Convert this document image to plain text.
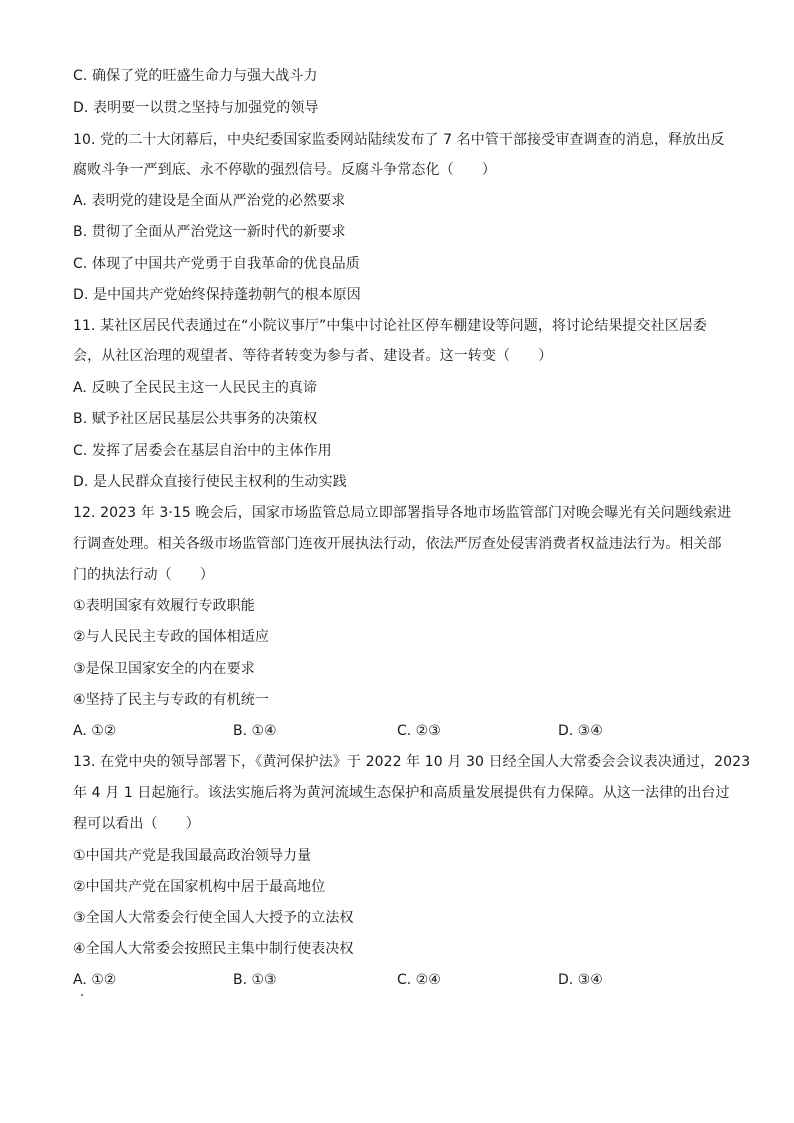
C. 确保了党的旺盛生命力与强大战斗力
D. 表明要一以贯之坚持与加强党的领导
10. 党的二十大闭幕后，中央纪委国家监委网站陆续发布了 7 名中管干部接受审查调查的消息，释放出反
腐败斗争一严到底、永不停歇的强烈信号。反腐斗争常态化（　　）
A. 表明党的建设是全面从严治党的必然要求
B. 贯彻了全面从严治党这一新时代的新要求
C. 体现了中国共产党勇于自我革命的优良品质
D. 是中国共产党始终保持蓬勃朝气的根本原因
11. 某社区居民代表通过在“小院议事厅”中集中讨论社区停车棚建设等问题，将讨论结果提交社区居委
会，从社区治理的观望者、等待者转变为参与者、建设者。这一转变（　　）
A. 反映了全民民主这一人民民主的真谛
B. 赋予社区居民基层公共事务的决策权
C. 发挥了居委会在基层自治中的主体作用
D. 是人民群众直接行使民主权利的生动实践
12. 2023 年 3·15 晚会后，国家市场监管总局立即部署指导各地市场监管部门对晚会曝光有关问题线索进
行调查处理。相关各级市场监管部门连夜开展执法行动，依法严厉查处侵害消费者权益违法行为。相关部
门的执法行动（　　）
①表明国家有效履行专政职能
②与人民民主专政的国体相适应
③是保卫国家安全的内在要求
④坚持了民主与专政的有机统一
A. ①②	B. ①④	C. ②③	D. ③④
13. 在党中央的领导部署下，《黄河保护法》于 2022 年 10 月 30 日经全国人大常委会会议表决通过，2023
年 4 月 1 日起施行。该法实施后将为黄河流域生态保护和高质量发展提供有力保障。从这一法律的出台过
程可以看出（　　）
①中国共产党是我国最高政治领导力量
②中国共产党在国家机构中居于最高地位
③全国人大常委会行使全国人大授予的立法权
④全国人大常委会按照民主集中制行使表决权
A. ①②	B. ①③	C. ②④	D. ③④
